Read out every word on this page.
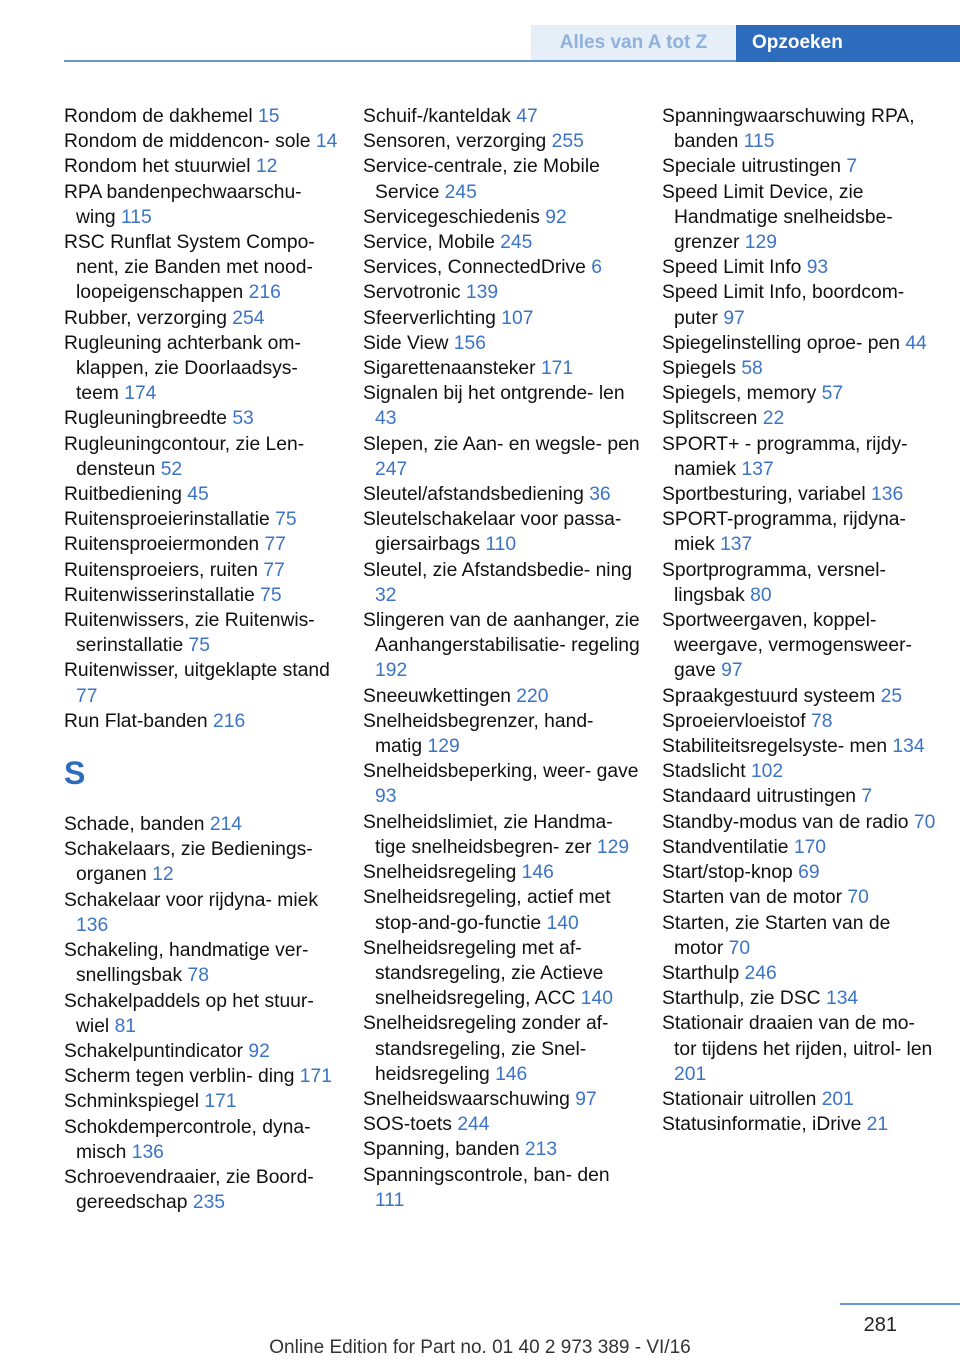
Alles van A tot Z	Opzoeken
Rondom de dakhemel 15
Rondom de middencon‐ sole 14
Rondom het stuurwiel 12
RPA bandenpechwaarschu‐ wing 115
RSC Runflat System Compo‐ nent, zie Banden met nood‐ loopeigenschappen 216
Rubber, verzorging 254
Rugleuning achterbank om‐ klappen, zie Doorlaadsys‐ teem 174
Rugleuningbreedte 53
Rugleuningcontour, zie Len‐ densteun 52
Ruitbediening 45
Ruitensproeierinstallatie 75
Ruitensproeiermonden 77
Ruitensproeiers, ruiten 77
Ruitenwisserinstallatie 75
Ruitenwissers, zie Ruitenwis‐ serinstallatie 75
Ruitenwisser, uitgeklapte stand 77
Run Flat-banden 216
S
Schade, banden 214
Schakelaars, zie Bedienings‐ organen 12
Schakelaar voor rijdyna‐ miek 136
Schakeling, handmatige ver‐ snellingsbak 78
Schakelpaddels op het stuur‐ wiel 81
Schakelpuntindicator 92
Scherm tegen verblin‐ ding 171
Schminkspiegel 171
Schokdempercontrole, dyna‐ misch 136
Schroevendraaier, zie Boord‐ gereedschap 235
Schuif-/kanteldak 47
Sensoren, verzorging 255
Service-centrale, zie Mobile Service 245
Servicegeschiedenis 92
Service, Mobile 245
Services, ConnectedDrive 6
Servotronic 139
Sfeerverlichting 107
Side View 156
Sigarettenaansteker 171
Signalen bij het ontgrende‐ len 43
Slepen, zie Aan- en wegsle‐ pen 247
Sleutel/afstandsbediening 36
Sleutelschakelaar voor passa‐ giersairbags 110
Sleutel, zie Afstandsbedie‐ ning 32
Slingeren van de aanhanger, zie Aanhangerstabilisatie‐ regeling 192
Sneeuwkettingen 220
Snelheidsbegrenzer, hand‐ matig 129
Snelheidsbeperking, weer‐ gave 93
Snelheidslimiet, zie Handma‐ tige snelheidsbegren‐ zer 129
Snelheidsregeling 146
Snelheidsregeling, actief met stop-and-go-functie 140
Snelheidsregeling met af‐ standsregeling, zie Actieve snelheidsregeling, ACC 140
Snelheidsregeling zonder af‐ standsregeling, zie Snel‐ heidsregeling 146
Snelheidswaarschuwing 97
SOS-toets 244
Spanning, banden 213
Spanningscontrole, ban‐ den 111
Spanningwaarschuwing RPA, banden 115
Speciale uitrustingen 7
Speed Limit Device, zie Handmatige snelheidsbe‐ grenzer 129
Speed Limit Info 93
Speed Limit Info, boordcom‐ puter 97
Spiegelinstelling oproe‐ pen 44
Spiegels 58
Spiegels, memory 57
Splitscreen 22
SPORT+ - programma, rijdy‐ namiek 137
Sportbesturing, variabel 136
SPORT-programma, rijdyna‐ miek 137
Sportprogramma, versnel‐ lingsbak 80
Sportweergaven, koppel‐ weergave, vermogensweer‐ gave 97
Spraakgestuurd systeem 25
Sproeiervloeistof 78
Stabiliteitsregelsyste‐ men 134
Stadslicht 102
Standaard uitrustingen 7
Standby-modus van de radio 70
Standventilatie 170
Start/stop-knop 69
Starten van de motor 70
Starten, zie Starten van de motor 70
Starthulp 246
Starthulp, zie DSC 134
Stationair draaien van de mo‐ tor tijdens het rijden, uitrol‐ len 201
Stationair uitrollen 201
Statusinformatie, iDrive 21
281
Online Edition for Part no. 01 40 2 973 389 - VI/16
